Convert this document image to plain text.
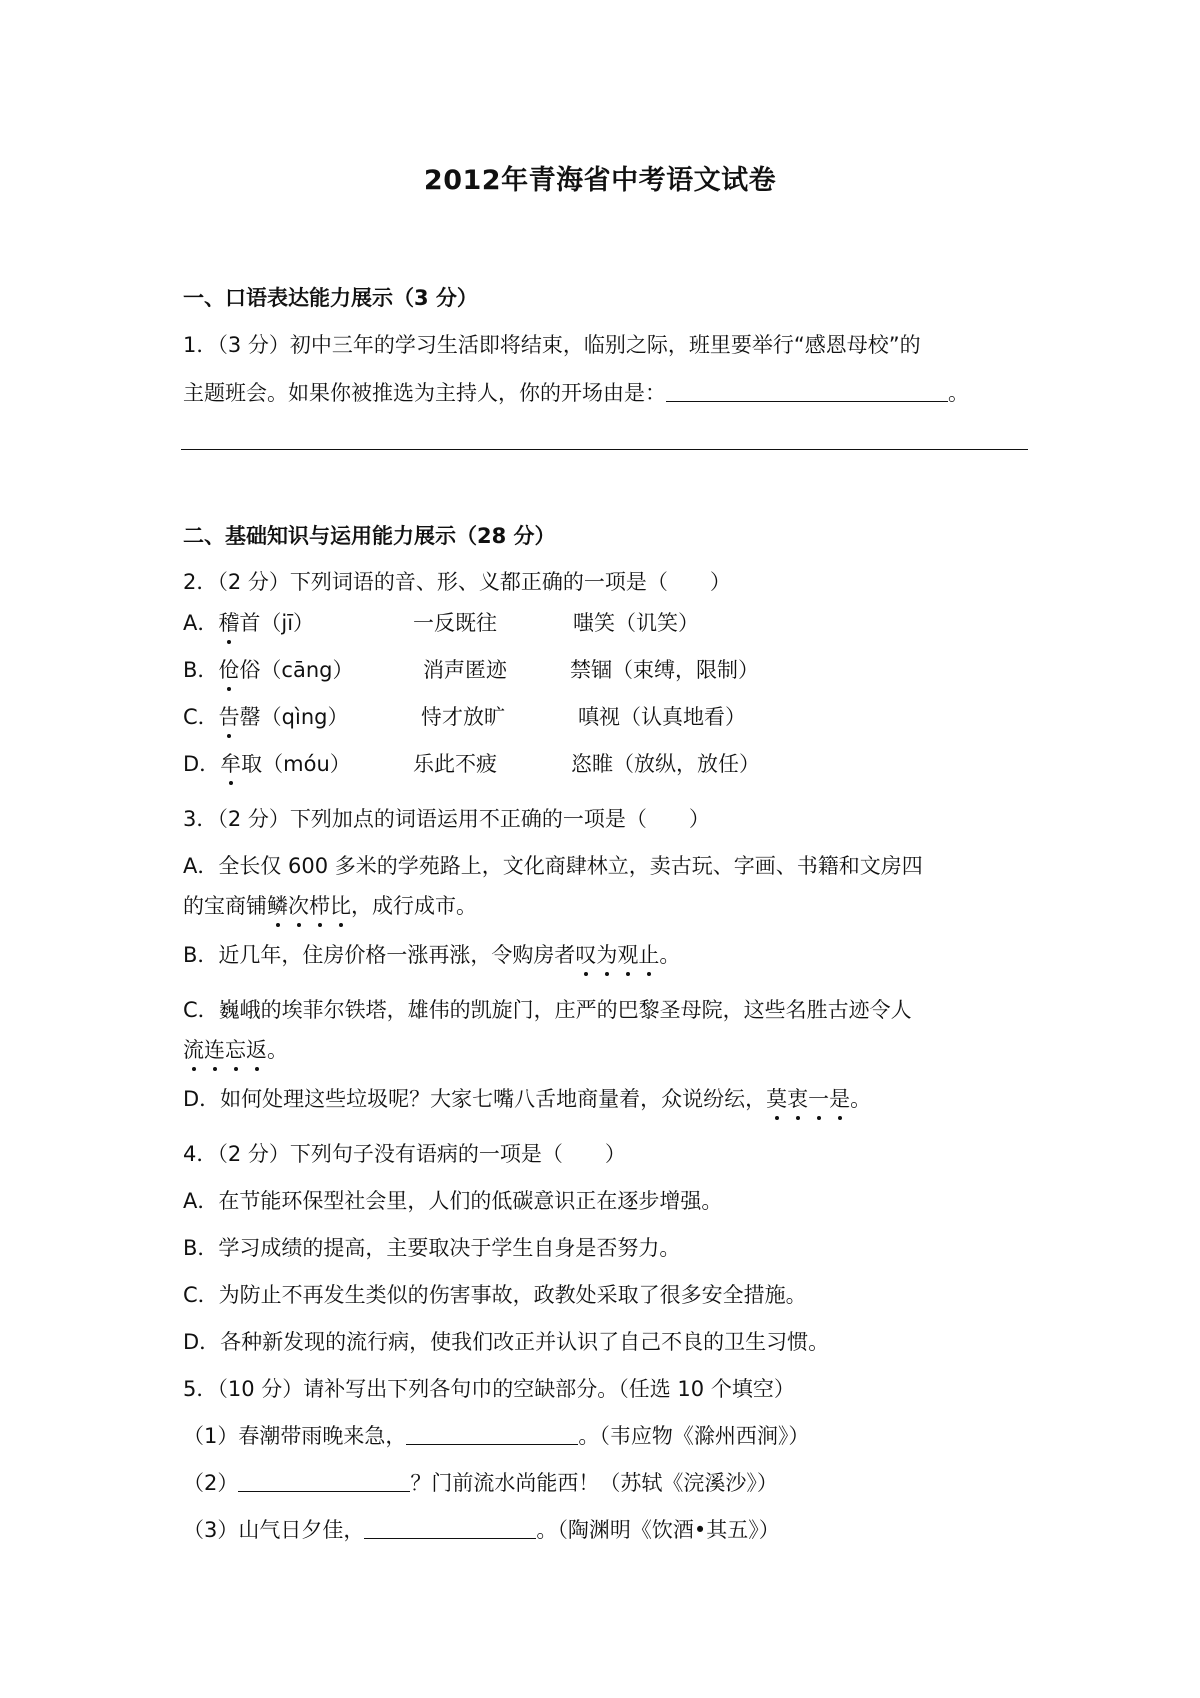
2012年青海省中考语文试卷
一、口语表达能力展示（3 分）
1．（3 分）初中三年的学习生活即将结束，临别之际，班里要举行“感恩母校”的
主题班会。如果你被推选为主持人，你的开场由是：	。
二、基础知识与运用能力展示（28 分）
2．（2 分）下列词语的音、形、义都正确的一项是（　　）
A．稽首（jī）	一反既往	嗤笑（讥笑）
B．伧俗（cāng）	消声匿迹	禁锢（束缚，限制）
C．告罄（qìng）	恃才放旷	嗔视（认真地看）
D．牟取（móu）	乐此不疲	恣睢（放纵，放任）
3．（2 分）下列加点的词语运用不正确的一项是（　　）
A．全长仅 600 多米的学苑路上，文化商肆林立，卖古玩、字画、书籍和文房四
的宝商铺鳞次栉比，成行成市。
B．近几年，住房价格一涨再涨，令购房者叹为观止。
C．巍峨的埃菲尔铁塔，雄伟的凯旋门，庄严的巴黎圣母院，这些名胜古迹令人
流连忘返。
D．如何处理这些垃圾呢？大家七嘴八舌地商量着，众说纷纭，莫衷一是。
4．（2 分）下列句子没有语病的一项是（　　）
A．在节能环保型社会里，人们的低碳意识正在逐步增强。
B．学习成绩的提高，主要取决于学生自身是否努力。
C．为防止不再发生类似的伤害事故，政教处采取了很多安全措施。
D．各种新发现的流行病，使我们改正并认识了自己不良的卫生习惯。
5．（10 分）请补写出下列各句巾的空缺部分。（任选 10 个填空）
（1）春潮带雨晚来急，	。（韦应物《滁州西涧》）
（2）	？门前流水尚能西！（苏轼《浣溪沙》）
（3）山气日夕佳，	。（陶渊明《饮酒•其五》）
